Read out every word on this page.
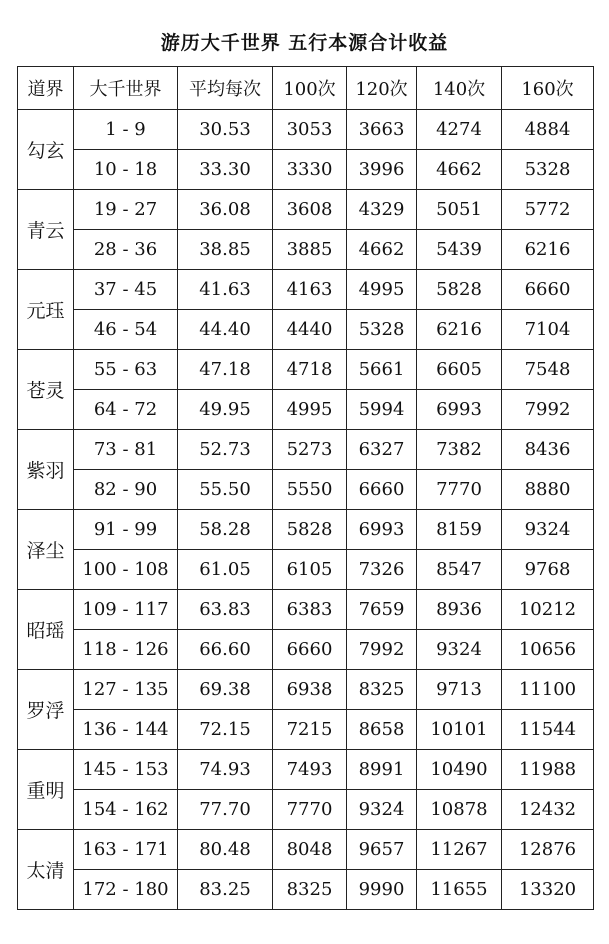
游历大千世界 五行本源合计收益
道界	大千世界	平均每次	100次	120次	140次	160次
勾玄	1 - 9	30.53	3053	3663	4274	4884
	10 - 18	33.30	3330	3996	4662	5328
青云	19 - 27	36.08	3608	4329	5051	5772
	28 - 36	38.85	3885	4662	5439	6216
元珏	37 - 45	41.63	4163	4995	5828	6660
	46 - 54	44.40	4440	5328	6216	7104
苍灵	55 - 63	47.18	4718	5661	6605	7548
	64 - 72	49.95	4995	5994	6993	7992
紫羽	73 - 81	52.73	5273	6327	7382	8436
	82 - 90	55.50	5550	6660	7770	8880
泽尘	91 - 99	58.28	5828	6993	8159	9324
	100 - 108	61.05	6105	7326	8547	9768
昭瑶	109 - 117	63.83	6383	7659	8936	10212
	118 - 126	66.60	6660	7992	9324	10656
罗浮	127 - 135	69.38	6938	8325	9713	11100
	136 - 144	72.15	7215	8658	10101	11544
重明	145 - 153	74.93	7493	8991	10490	11988
	154 - 162	77.70	7770	9324	10878	12432
太清	163 - 171	80.48	8048	9657	11267	12876
	172 - 180	83.25	8325	9990	11655	13320
